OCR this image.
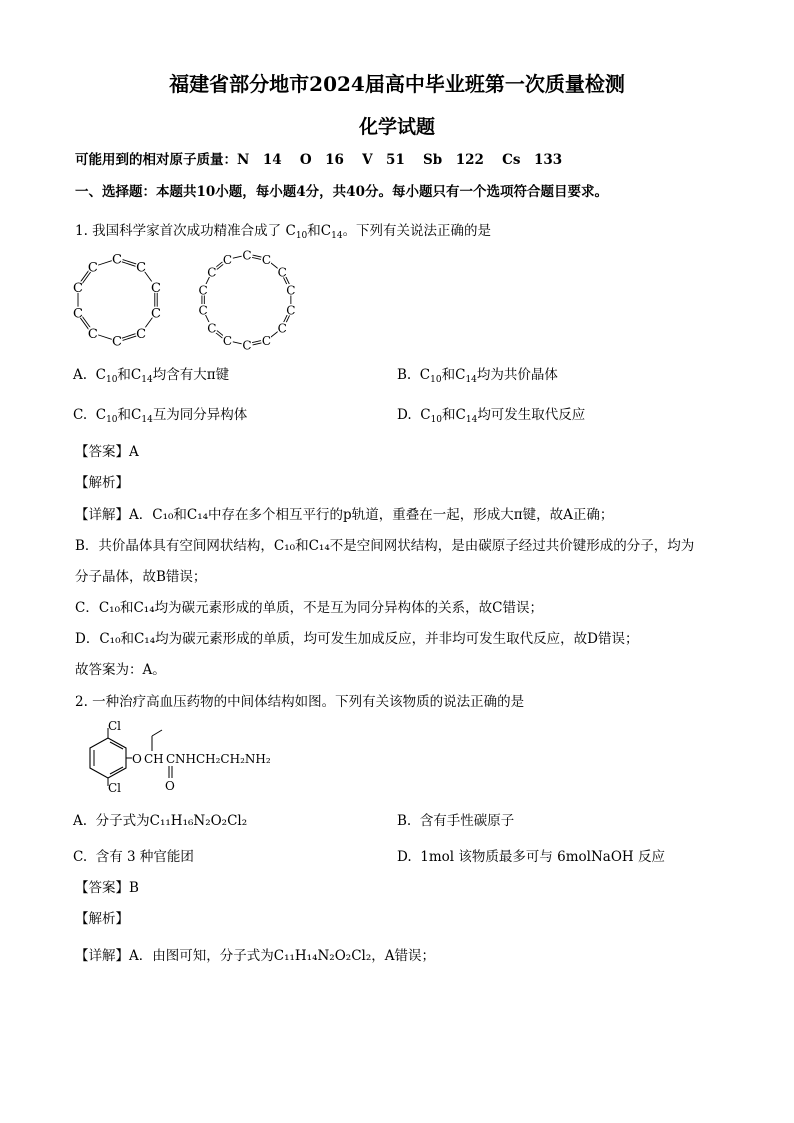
福建省部分地市2024届高中毕业班第一次质量检测
化学试题
可能用到的相对原子质量：N　14　 O　16　 V　51　 Sb　122　 Cs　133
一、选择题：本题共10小题，每小题4分，共40分。每小题只有一个选项符合题目要求。
1. 我国科学家首次成功精准合成了 $C_{10}$和$C_{14}$。下列有关说法正确的是
C
C
C
C
C
C
C
C
C
C
C C
C
C
C
C
C
C
C
C
C
C
C
C
A.  $C_{10}$和$C_{14}$均含有大π键	B.  $C_{10}$和$C_{14}$均为共价晶体
C.  $C_{10}$和$C_{14}$互为同分异构体	D.  $C_{10}$和$C_{14}$均可发生取代反应
【答案】A
【解析】
【详解】A．C₁₀和C₁₄中存在多个相互平行的p轨道，重叠在一起，形成大π键，故A正确；
B．共价晶体具有空间网状结构，C₁₀和C₁₄不是空间网状结构，是由碳原子经过共价键形成的分子，均为
分子晶体，故B错误；
C．C₁₀和C₁₄均为碳元素形成的单质，不是互为同分异构体的关系，故C错误；
D．C₁₀和C₁₄均为碳元素形成的单质，均可发生加成反应，并非均可发生取代反应，故D错误；
故答案为：A。
2. 一种治疗高血压药物的中间体结构如图。下列有关该物质的说法正确的是
Cl
Cl
O CH C
O
NHCH₂CH₂NH₂
A. 分子式为C₁₁H₁₆N₂O₂Cl₂	B. 含有手性碳原子
C. 含有 3 种官能团	D. 1mol 该物质最多可与 6molNaOH 反应
【答案】B
【解析】
【详解】A．由图可知，分子式为C₁₁H₁₄N₂O₂Cl₂，A错误；
